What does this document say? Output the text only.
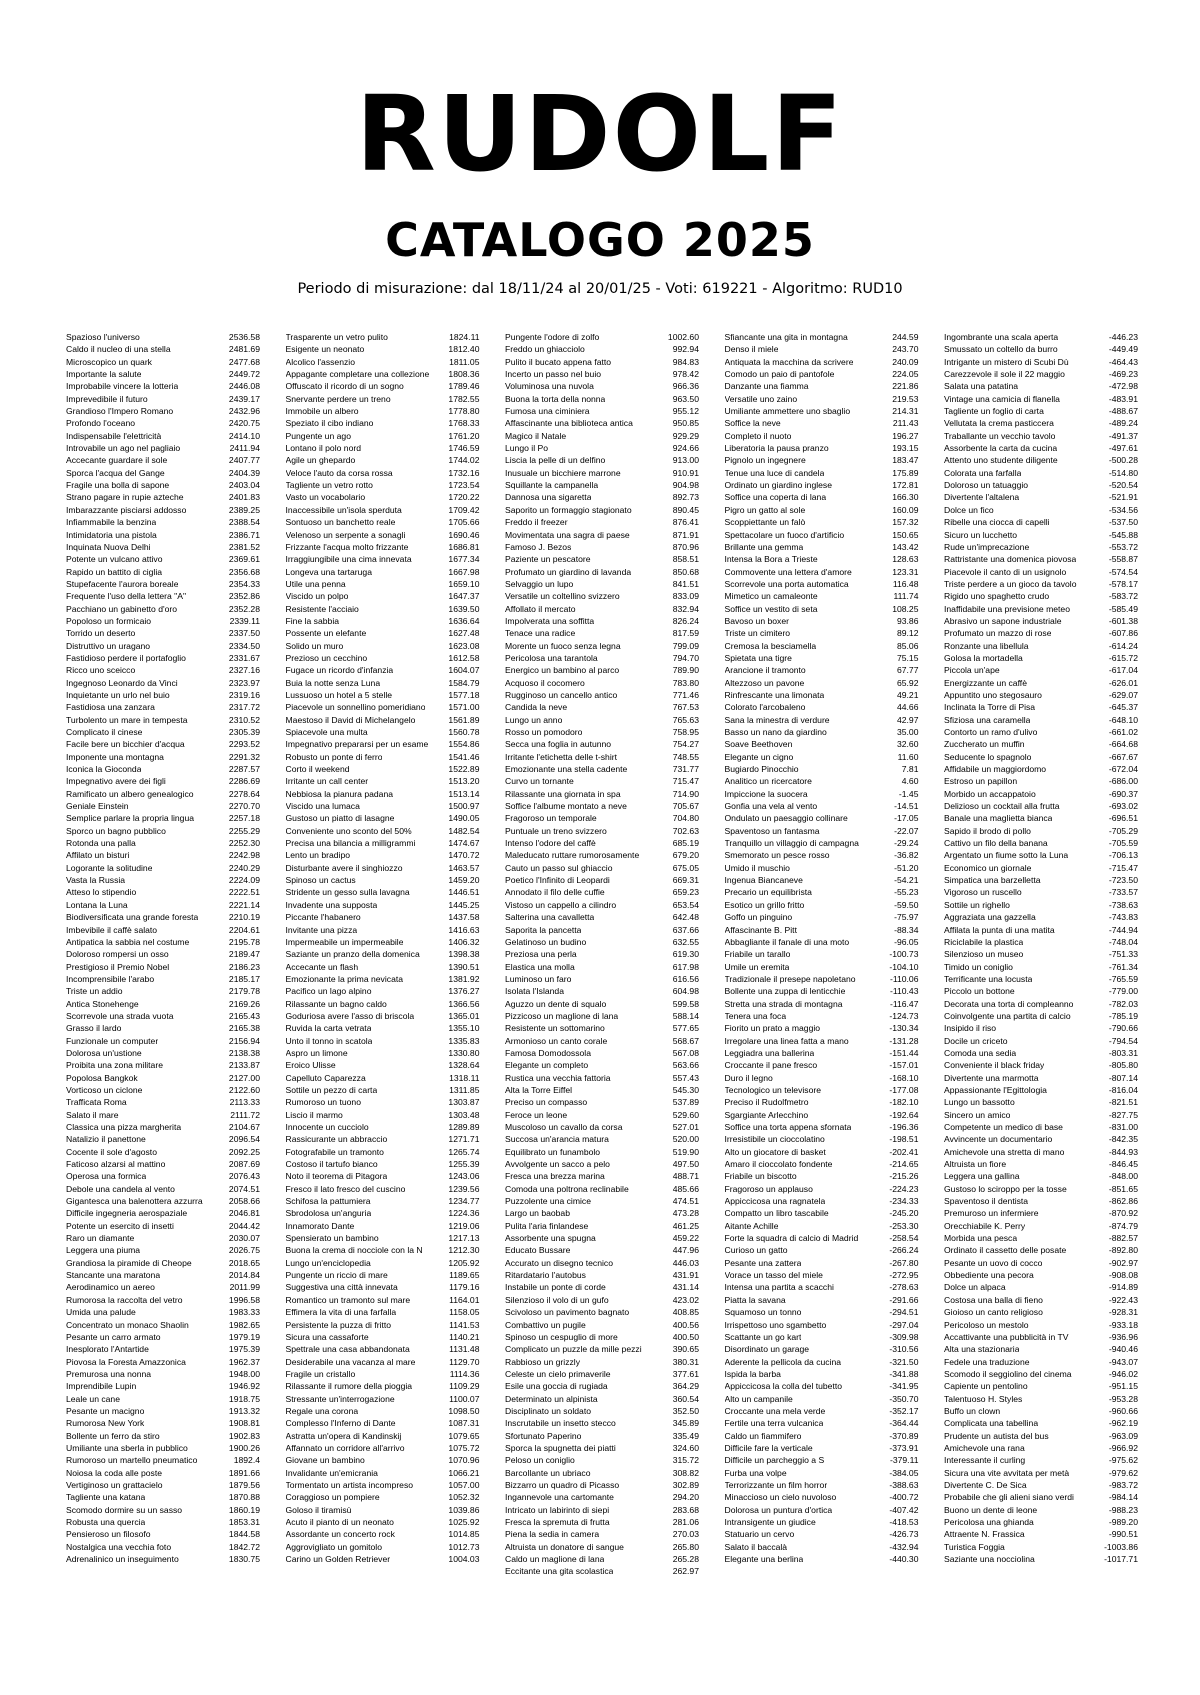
RUDOLF
CATALOGO 2025
Periodo di misurazione: dal 18/11/24 al 20/01/25 - Voti: 619221 - Algoritmo: RUD10
Spazioso l'universo	2536.58
Caldo il nucleo di una stella	2481.69
Microscopico un quark	2477.68
Importante la salute	2449.72
Improbabile vincere la lotteria	2446.08
Imprevedibile il futuro	2439.17
Grandioso l'Impero Romano	2432.96
Profondo l'oceano	2420.75
Indispensabile l'elettricità	2414.10
Introvabile un ago nel pagliaio	2411.94
Accecante guardare il sole	2407.77
Sporca l'acqua del Gange	2404.39
Fragile una bolla di sapone	2403.04
Strano pagare in rupie azteche	2401.83
Imbarazzante pisciarsi addosso	2389.25
Infiammabile la benzina	2388.54
Intimidatoria una pistola	2386.71
Inquinata Nuova Delhi	2381.52
Potente un vulcano attivo	2369.61
Rapido un battito di ciglia	2356.68
Stupefacente l'aurora boreale	2354.33
Frequente l'uso della lettera "A"	2352.86
Pacchiano un gabinetto d'oro	2352.28
Popoloso un formicaio	2339.11
Torrido un deserto	2337.50
Distruttivo un uragano	2334.50
Fastidioso perdere il portafoglio	2331.67
Ricco uno sceicco	2327.16
Ingegnoso Leonardo da Vinci	2323.97
Inquietante un urlo nel buio	2319.16
Fastidiosa una zanzara	2317.72
Turbolento un mare in tempesta	2310.52
Complicato il cinese	2305.39
Facile bere un bicchier d'acqua	2293.52
Imponente una montagna	2291.32
Iconica la Gioconda	2287.57
Impegnativo avere dei figli	2286.69
Ramificato un albero genealogico	2278.64
Geniale Einstein	2270.70
Semplice parlare la propria lingua	2257.18
Sporco un bagno pubblico	2255.29
Rotonda una palla	2252.30
Affilato un bisturi	2242.98
Logorante la solitudine	2240.29
Vasta la Russia	2224.09
Atteso lo stipendio	2222.51
Lontana la Luna	2221.14
Biodiversificata una grande foresta	2210.19
Imbevibile il caffè salato	2204.61
Antipatica la sabbia nel costume	2195.78
Doloroso rompersi un osso	2189.47
Prestigioso il Premio Nobel	2186.23
Incomprensibile l'arabo	2185.17
Triste un addio	2179.78
Antica Stonehenge	2169.26
Scorrevole una strada vuota	2165.43
Grasso il lardo	2165.38
Funzionale un computer	2156.94
Dolorosa un'ustione	2138.38
Proibita una zona militare	2133.87
Popolosa Bangkok	2127.00
Vorticoso un ciclone	2122.60
Trafficata Roma	2113.33
Salato il mare	2111.72
Classica una pizza margherita	2104.67
Natalizio il panettone	2096.54
Cocente il sole d'agosto	2092.25
Faticoso alzarsi al mattino	2087.69
Operosa una formica	2076.43
Debole una candela al vento	2074.51
Gigantesca una balenottera azzurra	2058.66
Difficile ingegneria aerospaziale	2046.81
Potente un esercito di insetti	2044.42
Raro un diamante	2030.07
Leggera una piuma	2026.75
Grandiosa la piramide di Cheope	2018.65
Stancante una maratona	2014.84
Aerodinamico un aereo	2011.99
Rumorosa la raccolta del vetro	1996.58
Umida una palude	1983.33
Concentrato un monaco Shaolin	1982.65
Pesante un carro armato	1979.19
Inesplorato l'Antartide	1975.39
Piovosa la Foresta Amazzonica	1962.37
Premurosa una nonna	1948.00
Imprendibile Lupin	1946.92
Leale un cane	1918.75
Pesante un macigno	1913.32
Rumorosa New York	1908.81
Bollente un ferro da stiro	1902.83
Umiliante una sberla in pubblico	1900.26
Rumoroso un martello pneumatico	1892.4
Noiosa la coda alle poste	1891.66
Vertiginoso un grattacielo	1879.56
Tagliente una katana	1870.88
Scomodo dormire su un sasso	1860.19
Robusta una quercia	1853.31
Pensieroso un filosofo	1844.58
Nostalgica una vecchia foto	1842.72
Adrenalinico un inseguimento	1830.75
Trasparente un vetro pulito	1824.11
Esigente un neonato	1812.40
Alcolico l'assenzio	1811.05
Appagante completare una collezione	1808.36
Offuscato il ricordo di un sogno	1789.46
Snervante perdere un treno	1782.55
Immobile un albero	1778.80
Speziato il cibo indiano	1768.33
Pungente un ago	1761.20
Lontano il polo nord	1746.59
Agile un ghepardo	1744.02
Veloce l'auto da corsa rossa	1732.16
Tagliente un vetro rotto	1723.54
Vasto un vocabolario	1720.22
Inaccessibile un'isola sperduta	1709.42
Sontuoso un banchetto reale	1705.66
Velenoso un serpente a sonagli	1690.46
Frizzante l'acqua molto frizzante	1686.81
Irraggiungibile una cima innevata	1677.34
Longeva una tartaruga	1667.98
Utile una penna	1659.10
Viscido un polpo	1647.37
Resistente l'acciaio	1639.50
Fine la sabbia	1636.64
Possente un elefante	1627.48
Solido un muro	1623.08
Prezioso un cecchino	1612.58
Fugace un ricordo d'infanzia	1604.07
Buia la notte senza Luna	1584.79
Lussuoso un hotel a 5 stelle	1577.18
Piacevole un sonnellino pomeridiano	1571.00
Maestoso il David di Michelangelo	1561.89
Spiacevole una multa	1560.78
Impegnativo prepararsi per un esame	1554.86
Robusto un ponte di ferro	1541.46
Corto il weekend	1522.89
Irritante un call center	1513.20
Nebbiosa la pianura padana	1513.14
Viscido una lumaca	1500.97
Gustoso un piatto di lasagne	1490.05
Conveniente uno sconto del 50%	1482.54
Precisa una bilancia a milligrammi	1474.67
Lento un bradipo	1470.72
Disturbante avere il singhiozzo	1463.57
Spinoso un cactus	1459.20
Stridente un gesso sulla lavagna	1446.51
Invadente una supposta	1445.25
Piccante l'habanero	1437.58
Invitante una pizza	1416.63
Impermeabile un impermeabile	1406.32
Saziante un pranzo della domenica	1398.38
Accecante un flash	1390.51
Emozionante la prima nevicata	1381.92
Pacifico un lago alpino	1376.27
Rilassante un bagno caldo	1366.56
Goduriosa avere l'asso di briscola	1365.01
Ruvida la carta vetrata	1355.10
Unto il tonno in scatola	1335.83
Aspro un limone	1330.80
Eroico Ulisse	1328.64
Capelluto Caparezza	1318.11
Sottile un pezzo di carta	1311.85
Rumoroso un tuono	1303.87
Liscio il marmo	1303.48
Innocente un cucciolo	1289.89
Rassicurante un abbraccio	1271.71
Fotografabile un tramonto	1265.74
Costoso il tartufo bianco	1255.39
Noto il teorema di Pitagora	1243.06
Fresco il lato fresco del cuscino	1239.56
Schifosa la pattumiera	1234.77
Sbrodolosa un'anguria	1224.36
Innamorato Dante	1219.06
Spensierato un bambino	1217.13
Buona la crema di nocciole con la N	1212.30
Lungo un'enciclopedia	1205.92
Pungente un riccio di mare	1189.65
Suggestiva una città innevata	1179.16
Romantico un tramonto sul mare	1164.01
Effimera la vita di una farfalla	1158.05
Persistente la puzza di fritto	1141.53
Sicura una cassaforte	1140.21
Spettrale una casa abbandonata	1131.48
Desiderabile una vacanza al mare	1129.70
Fragile un cristallo	1114.36
Rilassante il rumore della pioggia	1109.29
Stressante un'interrogazione	1100.07
Regale una corona	1098.50
Complesso l'Inferno di Dante	1087.31
Astratta un'opera di Kandinskij	1079.65
Affannato un corridore all'arrivo	1075.72
Giovane un bambino	1070.96
Invalidante un'emicrania	1066.21
Tormentato un artista incompreso	1057.00
Coraggioso un pompiere	1052.32
Goloso il tiramisù	1039.86
Acuto il pianto di un neonato	1025.92
Assordante un concerto rock	1014.85
Aggrovigliato un gomitolo	1012.73
Carino un Golden Retriever	1004.03
Pungente l'odore di zolfo	1002.60
Freddo un ghiacciolo	992.94
Pulito il bucato appena fatto	984.83
Incerto un passo nel buio	978.42
Voluminosa una nuvola	966.36
Buona la torta della nonna	963.50
Fumosa una ciminiera	955.12
Affascinante una biblioteca antica	950.85
Magico il Natale	929.29
Lungo il Po	924.66
Liscia la pelle di un delfino	913.00
Inusuale un bicchiere marrone	910.91
Squillante la campanella	904.98
Dannosa una sigaretta	892.73
Saporito un formaggio stagionato	890.45
Freddo il freezer	876.41
Movimentata una sagra di paese	871.91
Famoso J. Bezos	870.96
Paziente un pescatore	858.51
Profumato un giardino di lavanda	850.68
Selvaggio un lupo	841.51
Versatile un coltellino svizzero	833.09
Affollato il mercato	832.94
Impolverata una soffitta	826.24
Tenace una radice	817.59
Morente un fuoco senza legna	799.09
Pericolosa una tarantola	794.70
Energico un bambino al parco	789.90
Acquoso il cocomero	783.80
Rugginoso un cancello antico	771.46
Candida la neve	767.53
Lungo un anno	765.63
Rosso un pomodoro	758.95
Secca una foglia in autunno	754.27
Irritante l'etichetta delle t-shirt	748.55
Emozionante una stella cadente	731.77
Curvo un tornante	715.47
Rilassante una giornata in spa	714.90
Soffice l'albume montato a neve	705.67
Fragoroso un temporale	704.80
Puntuale un treno svizzero	702.63
Intenso l'odore del caffè	685.19
Maleducato ruttare rumorosamente	679.20
Cauto un passo sul ghiaccio	675.05
Poetico l'Infinito di Leopardi	669.31
Annodato il filo delle cuffie	659.23
Vistoso un cappello a cilindro	653.54
Salterina una cavalletta	642.48
Saporita la pancetta	637.66
Gelatinoso un budino	632.55
Preziosa una perla	619.30
Elastica una molla	617.98
Luminoso un faro	616.56
Isolata l'Islanda	604.98
Aguzzo un dente di squalo	599.58
Pizzicoso un maglione di lana	588.14
Resistente un sottomarino	577.65
Armonioso un canto corale	568.67
Famosa Domodossola	567.08
Elegante un completo	563.66
Rustica una vecchia fattoria	557.43
Alta la Torre Eiffel	545.30
Preciso un compasso	537.89
Feroce un leone	529.60
Muscoloso un cavallo da corsa	527.01
Succosa un'arancia matura	520.00
Equilibrato un funambolo	519.90
Avvolgente un sacco a pelo	497.50
Fresca una brezza marina	488.71
Comoda una poltrona reclinabile	485.66
Puzzolente una cimice	474.51
Largo un baobab	473.28
Pulita l'aria finlandese	461.25
Assorbente una spugna	459.22
Educato Bussare	447.96
Accurato un disegno tecnico	446.03
Ritardatario l'autobus	431.91
Instabile un ponte di corde	431.14
Silenzioso il volo di un gufo	423.02
Scivoloso un pavimento bagnato	408.85
Combattivo un pugile	400.56
Spinoso un cespuglio di more	400.50
Complicato un puzzle da mille pezzi	390.65
Rabbioso un grizzly	380.31
Celeste un cielo primaverile	377.61
Esile una goccia di rugiada	364.29
Determinato un alpinista	360.54
Disciplinato un soldato	352.50
Inscrutabile un insetto stecco	345.89
Sfortunato Paperino	335.49
Sporca la spugnetta dei piatti	324.60
Peloso un coniglio	315.72
Barcollante un ubriaco	308.82
Bizzarro un quadro di Picasso	302.89
Ingannevole una cartomante	294.20
Intricato un labirinto di siepi	283.68
Fresca la spremuta di frutta	281.06
Piena la sedia in camera	270.03
Altruista un donatore di sangue	265.80
Caldo un maglione di lana	265.28
Eccitante una gita scolastica	262.97
Sfiancante una gita in montagna	244.59
Denso il miele	243.70
Antiquata la macchina da scrivere	240.09
Comodo un paio di pantofole	224.05
Danzante una fiamma	221.86
Versatile uno zaino	219.53
Umiliante ammettere uno sbaglio	214.31
Soffice la neve	211.43
Completo il nuoto	196.27
Liberatoria la pausa pranzo	193.15
Pignolo un ingegnere	183.47
Tenue una luce di candela	175.89
Ordinato un giardino inglese	172.81
Soffice una coperta di lana	166.30
Pigro un gatto al sole	160.09
Scoppiettante un falò	157.32
Spettacolare un fuoco d'artificio	150.65
Brillante una gemma	143.42
Intensa la Bora a Trieste	128.63
Commovente una lettera d'amore	123.31
Scorrevole una porta automatica	116.48
Mimetico un camaleonte	111.74
Soffice un vestito di seta	108.25
Bavoso un boxer	93.86
Triste un cimitero	89.12
Cremosa la besciamella	85.06
Spietata una tigre	75.15
Arancione il tramonto	67.77
Altezzoso un pavone	65.92
Rinfrescante una limonata	49.21
Colorato l'arcobaleno	44.66
Sana la minestra di verdure	42.97
Basso un nano da giardino	35.00
Soave Beethoven	32.60
Elegante un cigno	11.60
Bugiardo Pinocchio	7.81
Analitico un ricercatore	4.60
Impiccione la suocera	-1.45
Gonfia una vela al vento	-14.51
Ondulato un paesaggio collinare	-17.05
Spaventoso un fantasma	-22.07
Tranquillo un villaggio di campagna	-29.24
Smemorato un pesce rosso	-36.82
Umido il muschio	-51.20
Ingenua Biancaneve	-54.21
Precario un equilibrista	-55.23
Esotico un grillo fritto	-59.50
Goffo un pinguino	-75.97
Affascinante B. Pitt	-88.34
Abbagliante il fanale di una moto	-96.05
Friabile un tarallo	-100.73
Umile un eremita	-104.10
Tradizionale il presepe napoletano	-110.06
Bollente una zuppa di lenticchie	-110.43
Stretta una strada di montagna	-116.47
Tenera una foca	-124.73
Fiorito un prato a maggio	-130.34
Irregolare una linea fatta a mano	-131.28
Leggiadra una ballerina	-151.44
Croccante il pane fresco	-157.01
Duro il legno	-168.10
Tecnologico un televisore	-177.08
Preciso il Rudolfmetro	-182.10
Sgargiante Arlecchino	-192.64
Soffice una torta appena sfornata	-196.36
Irresistibile un cioccolatino	-198.51
Alto un giocatore di basket	-202.41
Amaro il cioccolato fondente	-214.65
Friabile un biscotto	-215.26
Fragoroso un applauso	-224.23
Appiccicosa una ragnatela	-234.33
Compatto un libro tascabile	-245.20
Aitante Achille	-253.30
Forte la squadra di calcio di Madrid	-258.54
Curioso un gatto	-266.24
Pesante una zattera	-267.80
Vorace un tasso del miele	-272.95
Intensa una partita a scacchi	-278.63
Piatta la savana	-291.66
Squamoso un tonno	-294.51
Irrispettoso uno sgambetto	-297.04
Scattante un go kart	-309.98
Disordinato un garage	-310.56
Aderente la pellicola da cucina	-321.50
Ispida la barba	-341.88
Appiccicosa la colla del tubetto	-341.95
Alto un campanile	-350.70
Croccante una mela verde	-352.17
Fertile una terra vulcanica	-364.44
Caldo un fiammifero	-370.89
Difficile fare la verticale	-373.91
Difficile un parcheggio a S	-379.11
Furba una volpe	-384.05
Terrorizzante un film horror	-388.63
Minaccioso un cielo nuvoloso	-400.72
Dolorosa un puntura d'ortica	-407.42
Intransigente un giudice	-418.53
Statuario un cervo	-426.73
Salato il baccalà	-432.94
Elegante una berlina	-440.30
Ingombrante una scala aperta	-446.23
Smussato un coltello da burro	-449.49
Intrigante un mistero di Scubi Dù	-464.43
Carezzevole il sole il 22 maggio	-469.23
Salata una patatina	-472.98
Vintage una camicia di flanella	-483.91
Tagliente un foglio di carta	-488.67
Vellutata la crema pasticcera	-489.24
Traballante un vecchio tavolo	-491.37
Assorbente la carta da cucina	-497.61
Attento uno studente diligente	-500.28
Colorata una farfalla	-514.80
Doloroso un tatuaggio	-520.54
Divertente l'altalena	-521.91
Dolce un fico	-534.56
Ribelle una ciocca di capelli	-537.50
Sicuro un lucchetto	-545.88
Rude un'imprecazione	-553.72
Rattristante una domenica piovosa	-558.87
Piacevole il canto di un usignolo	-574.54
Triste perdere a un gioco da tavolo	-578.17
Rigido uno spaghetto crudo	-583.72
Inaffidabile una previsione meteo	-585.49
Abrasivo un sapone industriale	-601.38
Profumato un mazzo di rose	-607.86
Ronzante una libellula	-614.24
Golosa la mortadella	-615.72
Piccola un'ape	-617.04
Energizzante un caffè	-626.01
Appuntito uno stegosauro	-629.07
Inclinata la Torre di Pisa	-645.37
Sfiziosa una caramella	-648.10
Contorto un ramo d'ulivo	-661.02
Zuccherato un muffin	-664.68
Seducente lo spagnolo	-667.67
Affidabile un maggiordomo	-672.04
Estroso un papillon	-686.00
Morbido un accappatoio	-690.37
Delizioso un cocktail alla frutta	-693.02
Banale una maglietta bianca	-696.51
Sapido il brodo di pollo	-705.29
Cattivo un filo della banana	-705.59
Argentato un fiume sotto la Luna	-706.13
Economico un giornale	-715.47
Simpatica una barzelletta	-723.50
Vigoroso un ruscello	-733.57
Sottile un righello	-738.63
Aggraziata una gazzella	-743.83
Affilata la punta di una matita	-744.94
Riciclabile la plastica	-748.04
Silenzioso un museo	-751.33
Timido un coniglio	-761.34
Terrificante una locusta	-765.59
Piccolo un bottone	-779.00
Decorata una torta di compleanno	-782.03
Coinvolgente una partita di calcio	-785.19
Insipido il riso	-790.66
Docile un criceto	-794.54
Comoda una sedia	-803.31
Conveniente il black friday	-805.80
Divertente una marmotta	-807.14
Appassionante l'Egittologia	-816.04
Lungo un bassotto	-821.51
Sincero un amico	-827.75
Competente un medico di base	-831.00
Avvincente un documentario	-842.35
Amichevole una stretta di mano	-844.93
Altruista un fiore	-846.45
Leggera una gallina	-848.00
Gustoso lo sciroppo per la tosse	-851.65
Spaventoso il dentista	-862.86
Premuroso un infermiere	-870.92
Orecchiabile K. Perry	-874.79
Morbida una pesca	-882.57
Ordinato il cassetto delle posate	-892.80
Pesante un uovo di cocco	-902.97
Obbediente una pecora	-908.08
Dolce un alpaca	-914.89
Costosa una balla di fieno	-922.43
Gioioso un canto religioso	-928.31
Pericoloso un mestolo	-933.18
Accattivante una pubblicità in TV	-936.96
Alta una stazionaria	-940.46
Fedele una traduzione	-943.07
Scomodo il seggiolino del cinema	-946.02
Capiente un pentolino	-951.15
Talentuoso H. Styles	-953.28
Buffo un clown	-960.66
Complicata una tabellina	-962.19
Prudente un autista del bus	-963.09
Amichevole una rana	-966.92
Interessante il curling	-975.62
Sicura una vite avvitata per metà	-979.62
Divertente C. De Sica	-983.72
Probabile che gli alieni siano verdi	-984.14
Buono un dente di leone	-988.23
Pericolosa una ghianda	-989.20
Attraente N. Frassica	-990.51
Turistica Foggia	-1003.86
Saziante una nocciolina	-1017.71
